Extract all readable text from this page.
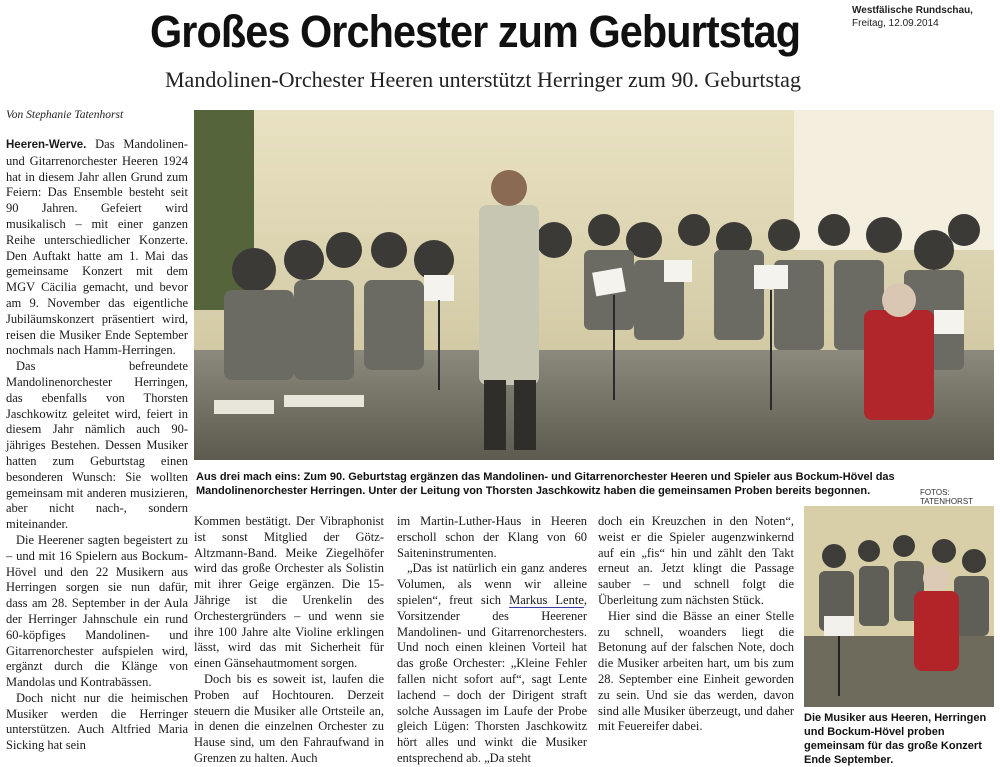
Großes Orchester zum Geburtstag	Westfälische Rundschau,
Freitag, 12.09.2014
Mandolinen-Orchester Heeren unterstützt Herringer zum 90. Geburtstag
Von Stephanie Tatenhorst

Heeren-Werve. Das Mandolinen- und Gitarrenorchester Heeren 1924 hat in diesem Jahr allen Grund zum Feiern: Das Ensemble besteht seit 90 Jahren. Gefeiert wird musikalisch – mit einer ganzen Reihe unterschiedlicher Konzerte. Den Auftakt hatte am 1. Mai das gemeinsame Konzert mit dem MGV Cäcilia gemacht, und bevor am 9. November das eigentliche Jubiläumskonzert präsentiert wird, reisen die Musiker Ende September nochmals nach Hamm-Herringen.

Das befreundete Mandolinenorchester Herringen, das ebenfalls von Thorsten Jaschkowitz geleitet wird, feiert in diesem Jahr nämlich auch 90-jähriges Bestehen. Dessen Musiker hatten zum Geburtstag einen besonderen Wunsch: Sie wollten gemeinsam mit anderen musizieren, aber nicht nach-, sondern miteinander.

Die Heerener sagten begeistert zu – und mit 16 Spielern aus Bockum-Hövel und den 22 Musikern aus Herringen sorgen sie nun dafür, dass am 28. September in der Aula der Herringer Jahnschule ein rund 60-köpfiges Mandolinen- und Gitarrenorchester aufspielen wird, ergänzt durch die Klänge von Mandolas und Kontrabässen.

Doch nicht nur die heimischen Musiker werden die Herringer unterstützen. Auch Altfried Maria Sicking hat sein

Aus drei mach eins: Zum 90. Geburtstag ergänzen das Mandolinen- und Gitarrenorchester Heeren und Spieler aus Bockum-Hövel das Mandolinenorchester Herringen. Unter der Leitung von Thorsten Jaschkowitz haben die gemeinsamen Proben bereits begonnen.	FOTOS: TATENHORST

Kommen bestätigt. Der Vibraphonist ist sonst Mitglied der Götz-Altzmann-Band. Meike Ziegelhöfer wird das große Orchester als Solistin mit ihrer Geige ergänzen. Die 15-Jährige ist die Urenkelin des Orchestergründers – und wenn sie ihre 100 Jahre alte Violine erklingen lässt, wird das mit Sicherheit für einen Gänsehautmoment sorgen.

Doch bis es soweit ist, laufen die Proben auf Hochtouren. Derzeit steuern die Musiker alle Ortsteile an, in denen die einzelnen Orchester zu Hause sind, um den Fahraufwand in Grenzen zu halten. Auch

im Martin-Luther-Haus in Heeren erscholl schon der Klang von 60 Saiteninstrumenten.

„Das ist natürlich ein ganz anderes Volumen, als wenn wir alleine spielen“, freut sich Markus Lente, Vorsitzender des Heerener Mandolinen- und Gitarrenorchesters. Und noch einen kleinen Vorteil hat das große Orchester: „Kleine Fehler fallen nicht sofort auf“, sagt Lente lachend – doch der Dirigent straft solche Aussagen im Laufe der Probe gleich Lügen: Thorsten Jaschkowitz hört alles und winkt die Musiker entsprechend ab. „Da steht

doch ein Kreuzchen in den Noten“, weist er die Spieler augenzwinkernd auf ein „fis“ hin und zählt den Takt erneut an. Jetzt klingt die Passage sauber – und schnell folgt die Überleitung zum nächsten Stück.

Hier sind die Bässe an einer Stelle zu schnell, woanders liegt die Betonung auf der falschen Note, doch die Musiker arbeiten hart, um bis zum 28. September eine Einheit geworden zu sein. Und sie das werden, davon sind alle Musiker überzeugt, und daher mit Feuereifer dabei.

Die Musiker aus Heeren, Herringen und Bockum-Hövel proben gemeinsam für das große Konzert Ende September.
